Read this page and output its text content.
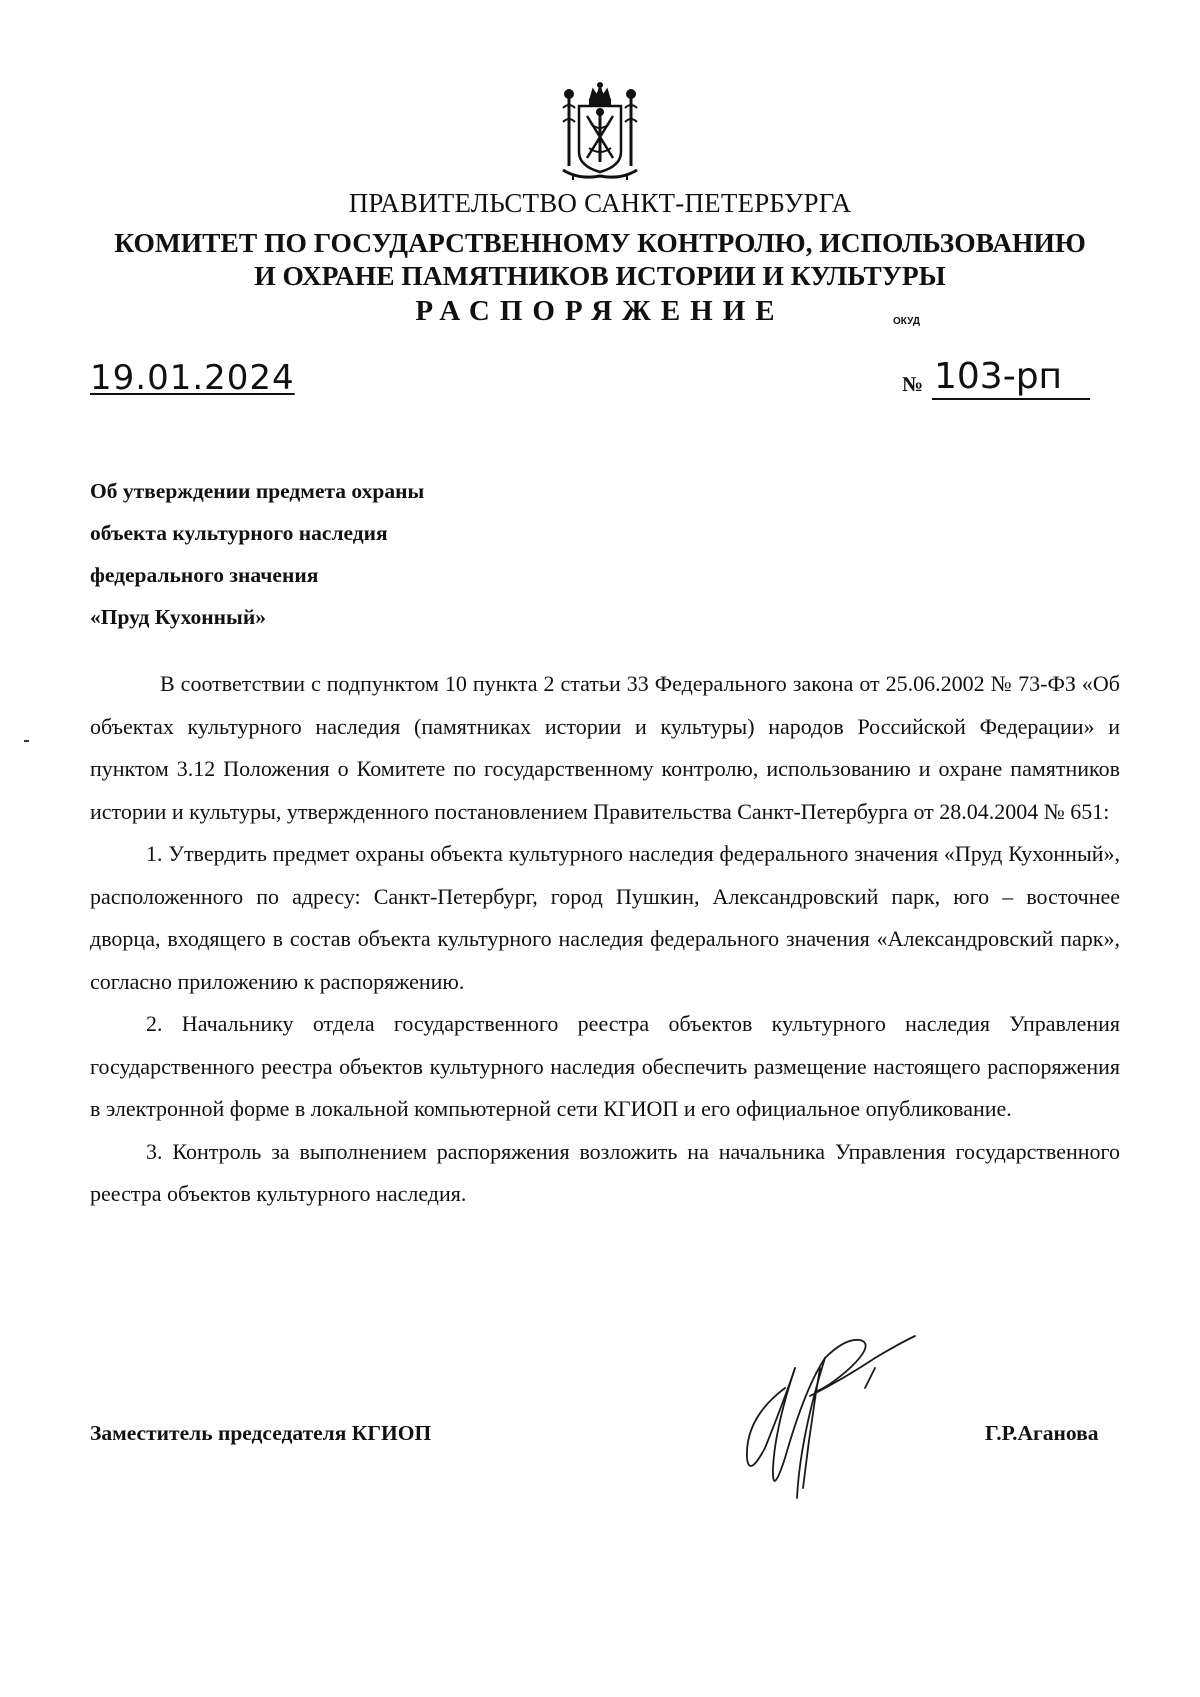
ПРАВИТЕЛЬСТВО САНКТ-ПЕТЕРБУРГА
КОМИТЕТ ПО ГОСУДАРСТВЕННОМУ КОНТРОЛЮ, ИСПОЛЬЗОВАНИЮ
И ОХРАНЕ ПАМЯТНИКОВ ИСТОРИИ И КУЛЬТУРЫ
РАСПОРЯЖЕНИЕ	ОКУД
19.01.2024	№ 103-рп
Об утверждении предмета охраны
объекта культурного наследия
федерального значения
«Пруд Кухонный»

В соответствии с подпунктом 10 пункта 2 статьи 33 Федерального закона от 25.06.2002 № 73-ФЗ «Об объектах культурного наследия (памятниках истории и культуры) народов Российской Федерации» и пунктом 3.12 Положения о Комитете по государственному контролю, использованию и охране памятников истории и культуры, утвержденного постановлением Правительства Санкт-Петербурга от 28.04.2004 № 651:

1. Утвердить предмет охраны объекта культурного наследия федерального значения «Пруд Кухонный», расположенного по адресу: Санкт-Петербург, город Пушкин, Александровский парк, юго – восточнее дворца, входящего в состав объекта культурного наследия федерального значения «Александровский парк», согласно приложению к распоряжению.

2. Начальнику отдела государственного реестра объектов культурного наследия Управления государственного реестра объектов культурного наследия обеспечить размещение настоящего распоряжения в электронной форме в локальной компьютерной сети КГИОП и его официальное опубликование.

3. Контроль за выполнением распоряжения возложить на начальника Управления государственного реестра объектов культурного наследия.

Заместитель председателя КГИОП	Г.Р.Аганова
